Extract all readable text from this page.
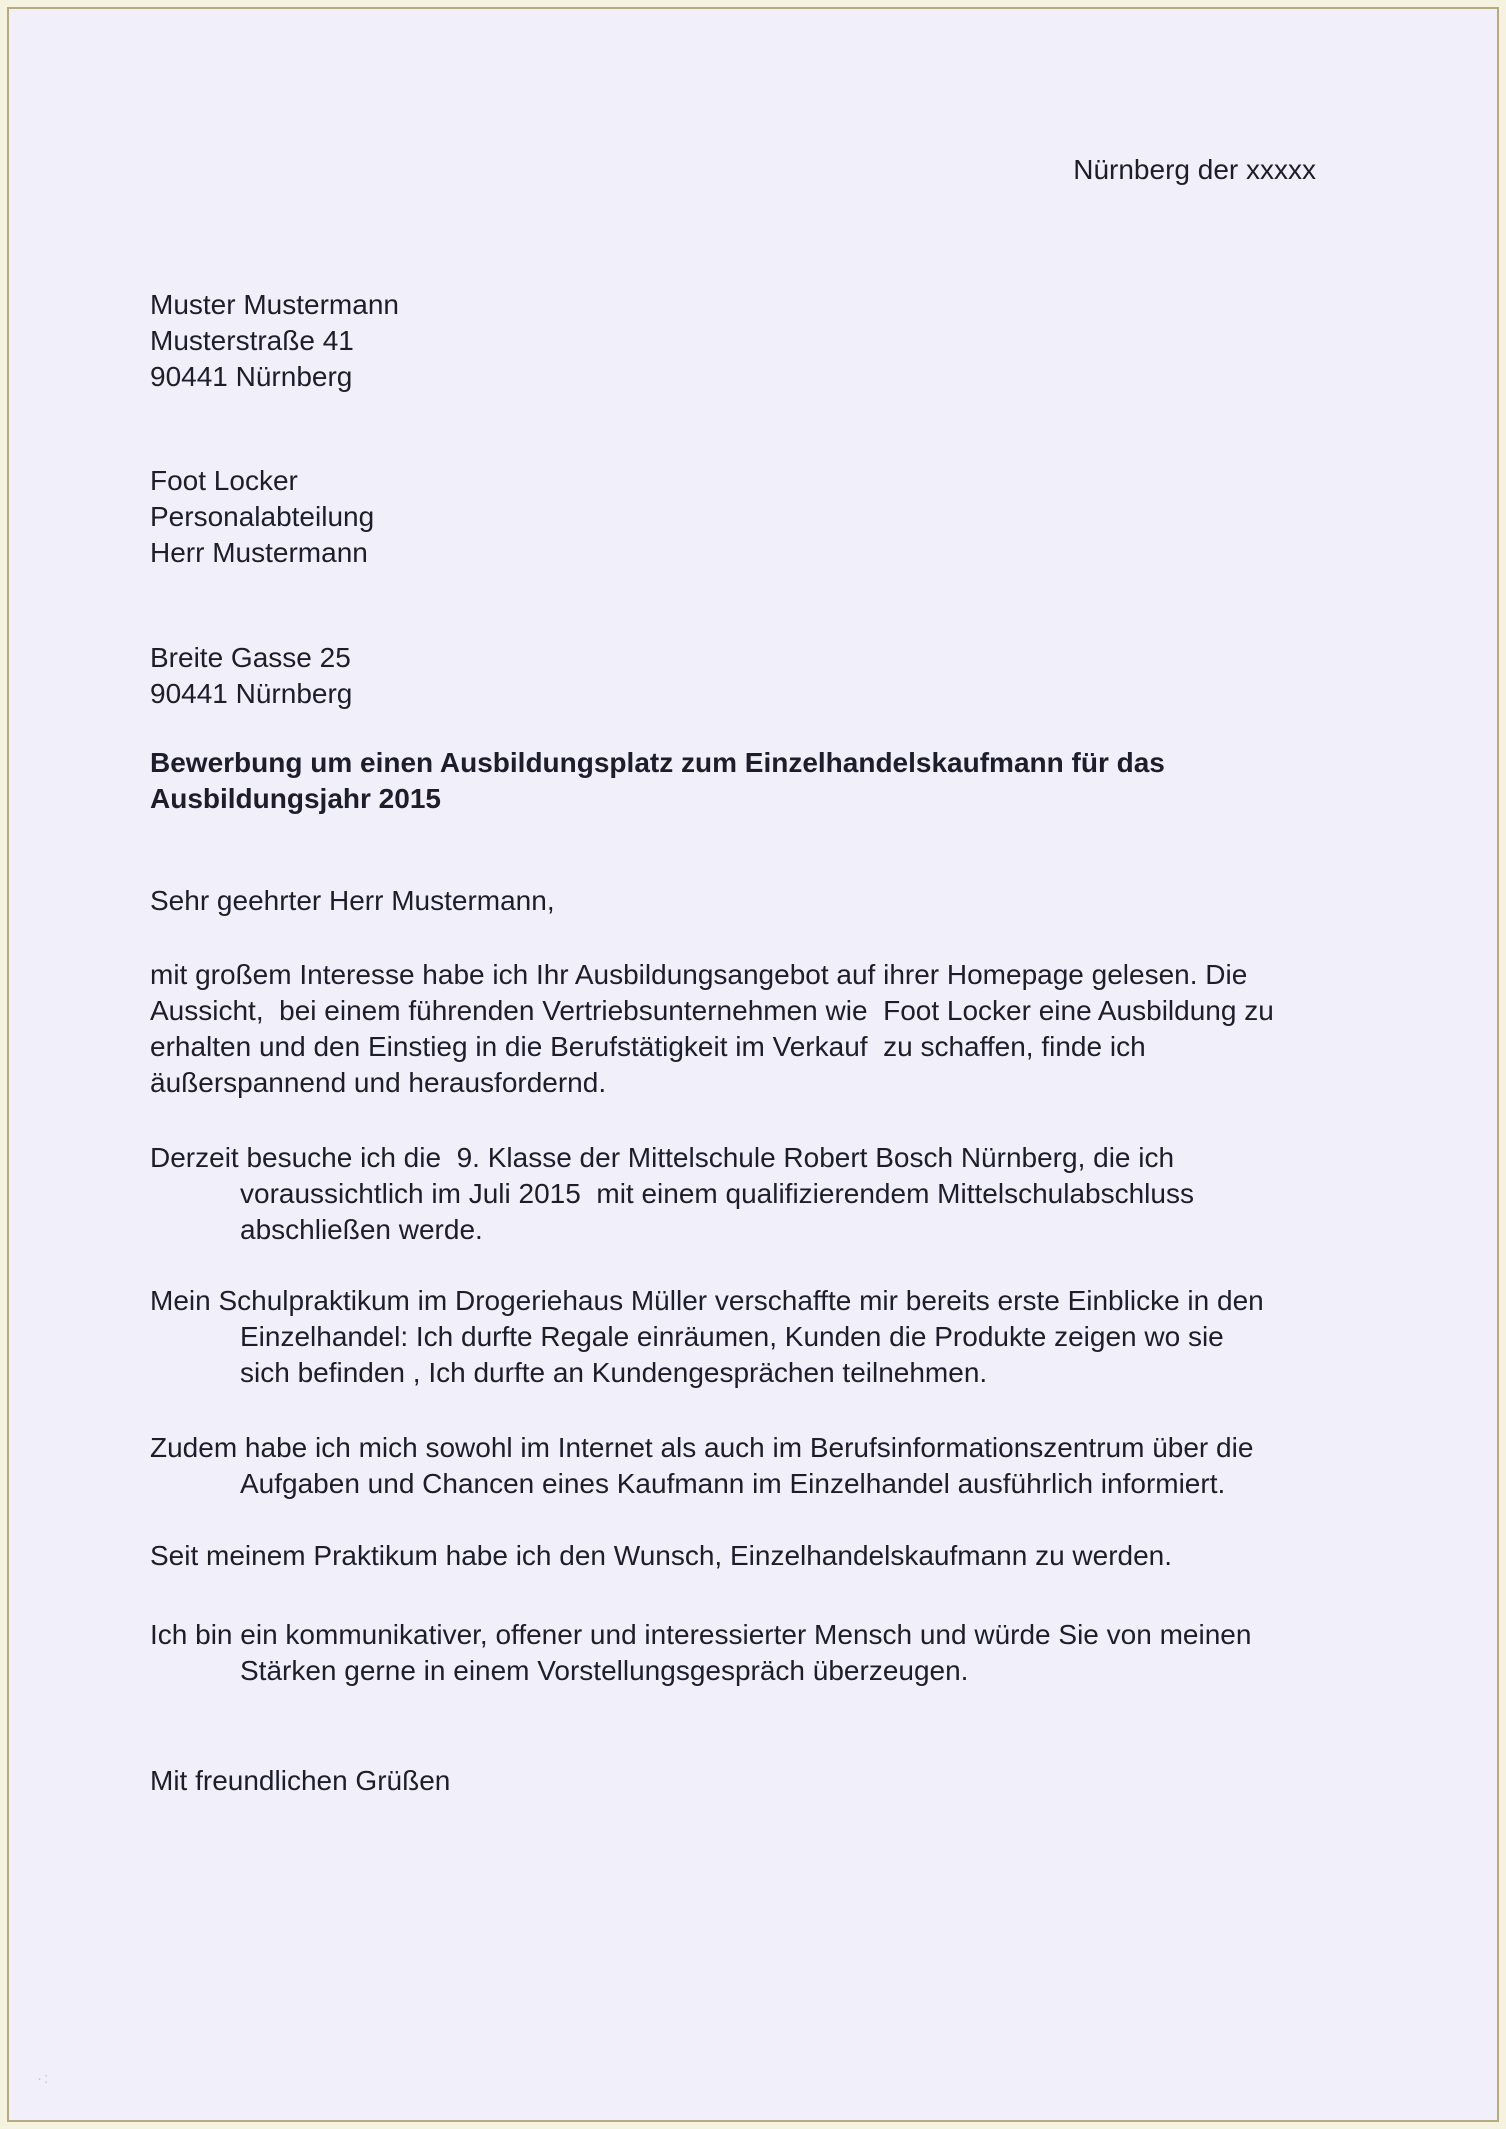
Nürnberg der xxxxx
Muster Mustermann
Musterstraße 41
90441 Nürnberg
Foot Locker
Personalabteilung
Herr Mustermann
Breite Gasse 25
90441 Nürnberg
Bewerbung um einen Ausbildungsplatz zum Einzelhandelskaufmann für das
Ausbildungsjahr 2015
Sehr geehrter Herr Mustermann,
mit großem Interesse habe ich Ihr Ausbildungsangebot auf ihrer Homepage gelesen. Die
Aussicht,  bei einem führenden Vertriebsunternehmen wie  Foot Locker eine Ausbildung zu
erhalten und den Einstieg in die Berufstätigkeit im Verkauf  zu schaffen, finde ich
äußerspannend und herausfordernd.
Derzeit besuche ich die  9. Klasse der Mittelschule Robert Bosch Nürnberg, die ich
voraussichtlich im Juli 2015  mit einem qualifizierendem Mittelschulabschluss
abschließen werde.
Mein Schulpraktikum im Drogeriehaus Müller verschaffte mir bereits erste Einblicke in den
Einzelhandel: Ich durfte Regale einräumen, Kunden die Produkte zeigen wo sie
sich befinden , Ich durfte an Kundengesprächen teilnehmen.
Zudem habe ich mich sowohl im Internet als auch im Berufsinformationszentrum über die
Aufgaben und Chancen eines Kaufmann im Einzelhandel ausführlich informiert.
Seit meinem Praktikum habe ich den Wunsch, Einzelhandelskaufmann zu werden.
Ich bin ein kommunikativer, offener und interessierter Mensch und würde Sie von meinen
Stärken gerne in einem Vorstellungsgespräch überzeugen.
Mit freundlichen Grüßen
·:
